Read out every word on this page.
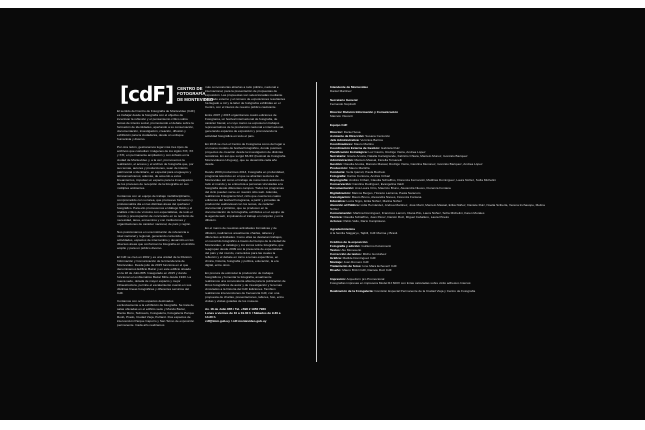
[cdF] CENTRO DE
FOTOGRAFÍA
DE MONTEVIDEO

El sentido del Centro de Fotografía de Montevideo (CdF) es trabajar desde la fotografía con el objetivo de incentivar la reflexión y el pensamiento crítico sobre temas de interés social, promoviendo el debate sobre la formación de identidades, apertando a su conservación, documentación, investigación, creación, difusión y exhibición para la ciudadanía, desde un enfoque humanista y diverso.

Por otra razón, gestionamos lugar más tres tipos de archivos que custodian: imágenes de los siglos XIX, XX y XXI, en permanente ampliación y con énfasis en la ciudad de Montevideo y, a la vez, promovemos la realización, el acceso y el archivo de fotografía que, por sus temas, autores y producciones, sean de interés patrimonial o identitario, en especial para uruguayos y latinoamericanos; además, de acuerdo a estos lineamientos, impulsar un espacio para la investigación de los procesos de recepción de la fotografía en sus múltiples ambientes.

Contamos con un equipo de trabajo multidisciplinario, comprometido con su tarea, que promueve formación y profesionaliza día en las distintas áreas del quehacer fotográfico. Para ello promovemos el diálogo fluido y el análisis crítico de vínculos con especialistas, de todo el mundo y preocupación de concretarlo en su territorio de necesidad, tarea, encuentros y con instituciones y organizaciones de carácter nacional, de país y región.

Nos posicionamos en una institución de referencia a nivel nacional y regional, generando contenidos, actividades, espacios de intercambio y desarrollo en los diversos áreas que conforman la fotografía en un ámbito amplio y para un público diverso.

El CdF se creó en 2002 y es una unidad de la División Información y Comunicación de la Intendencia de Montevideo. Desde julio de 2015 funciona en el que denominamos Edificio Bazar y en este edificio situado en la 18 de Julio 885. Inaugurado en 2015 y donde funcionan el emblemático Bazar Mitre desde 1940. La nueva sede, dotada de mayor espacio y mejor infraestructura, permite el escalamiento cuanto en sus distintas líneas fotográficas y diferentes servicios del CdF.

Contamos con ocho espacios destinados exclusivamente a la exhibición de fotografía. Se trata de salas ubicadas en el edificio sede y Mundo Bazar, Diente Moro, Subsuelo, Fotogalería, Fotogalería Parque Rodó, Prado, Ciudad Vieja, Peñarol. Dos espacios de intervención Parque Capurro y San Telmo de exposición permanente. Cada año realizamos

más convocatorias abiertas a todo público, nacional e internacional, para la presentación de propuestas de exposición. Las propuestas son seleccionadas mediante un jurado externo y el número de exposiciones resultantes ha llegado a mil y la labor de fotógrafos exhibidas en el Centro, con el interés de nuestro público cautivante.

Entre 2007 y 2015 organizamos cuatro ediciones de Fotograma, un festival internacional de fotografía, de carácter bienal, en cuyo marco se expusieron trabajos representativos de la producción nacional e internacional, generando espacios de exposición y promoviendo la actividad fotográfica en todo el país.

En 2016 se creó el Centro de Fotograma como del lugar a un nuevo modelo de festival fotográfico, donde pusimos proyectos de creación desde la investigación de distintas temáticas. En así que surgió MUFF (Festival de Fotografía Montevideano Uruguay), que se desarrolla cada año desde.

Desde 2009 producimos 2013, Fotografía en profundidad, programa televisivo en el que se abordan sectores de Montevideo así como el trabajo de numerosos autores de todo el mundo y se entrevista a personas vinculadas a la fotografía desde diferentes campos. Todos los programas del ciclo pueden verse en nuestro sitio web. Además, realizamos Fotograma brief, ciclo que cuenta los cuatro ediciones del festival Fotograma, a partir y jornadas de producción audiovisual con los temas, de carácter documental y artístico, que se producen en la documentación de la fotografía, exhibidos en el equipo de la agenda web, impulsando el trabajo en conjunto y en la difusión.

En el marco de nuestras actividades formativas y de difusión, realizamos anualmente charlas, talleres y diferentes actividades. Como ellas se destacan trabajos, un recorrido fotográfico a través del tiempo de la ciudad de Montevideo, el catálogo y los tomos sobre fotografía, que reagrupan desde 2009 con la presencia de especialistas del país y del mundo, contenidos para las cuales la reflexión y el debate en torno a temas específicos, en clínica, historia, fotografía y política, educación, la era digital, entre otros.

En procura de estimular la producción de trabajos fotográficos y fomentar la fotografía, anualmente realizamos una convocatoria abierta para la publicación de libros fotográficos de autor y de investigación y la temas vinculados a la historia del CdF Ediciones. También realizamos intervenciones de frecuencia CdF, con una propuesta de charlas, presentaciones, talleres, foto, entre visitas y visitas guiadas de los museos.

Av. 18 de Julio 885 / Tel. +598 2 1950 7960
Lunes a viernes de 10 a 19.30 h / Sábados de 9.30 a 14.30 h
cdf@imm.gub.uy / cdf.montevideo.gub.uy
Intendente de Montevideo
Daniel Martínez
Secretario General
Fernando Nopitsch
Director División Información y Comunicación
Marcelo Visconti
Equipo CdF
Director: Daniel Sosa
Asistente de Dirección: Susana Centurión
Jefe Administrativa: Verónica Barrios
Coordinadores: Mauro Martino
Coordinación Externa de Gestión: Gabriela Ruiz
Planificación Estratégica: Luz Castro, Rodrigo Vieira, Andrea López
Secretaría: Gisela Acosta, Natalia Cartelgrande, Fabricio Chiara, Marcelo Munoz, Gonzalo Bazquez
Administración: Marcelo Massal, Fiorella Torsanelli
Gestión: Claudia Acosta, Marcelo Massal, Rodrigo Vieira, Carolina Menonez, Gonzalo Bazquez, Andrea López
Producción: Mauro Martirila
Conducta: Verla Iparreli, Paola Buchelo
Fotografía: Carlos Contrera, Andrés Cribari
Reprografía: Andrés Cribari, Claudia Schiaffino, Florencia Fernanotti, Matthias Dominguez, Laura Núñez, Sofía Michelini
Conservación: Carolina Rodríguez, Evangelina Valdr
Documentación: Ana Laura Cirio, Mauricio Bruno, Alexandra Nieves, Fiorenza Fontana
Digitalización: Marcos Berges, Horacio Larrama, Paola Saracuro
Investigación: Mauro Bruno, Alexandra Nieves, Fiorenza Fontana
Educativa: Lucía Nigro, Erika Núñez, Marina Núñez
Atención al Público: Lidia Hernández, Andrea Martinez, José Martí, Marcelo Massal, Erika Núñez, Daniele Ruiz, Noelia Sciberla, Verena Inchauspe, Melina Núñez
Comunicación: Martina Dominguez, Francisco Lamón, Diana Pilo, Laura Núñez, Sofía Michelini, Karen Morales
Técnica: Claudia Schiaffino, Juan Pérez, Darwin Ruiz, Miguel Caballero, Laura Pineiro
Actores: Pablo Vallo, Darío Campisiano
Agradecimientos
A la familia Siajgaryo, Tajbill, CdF Marma y Brasil.
Créditos de la exposición
Fotografía y edición: Guillermo Kolumnenti
Textos: Ale Moneserio
Corrección de textos: Micho Gonzálvez
Gráfica: Matilde Domínguez CdF
Montaje: Juan Romero CdF
Tratamiento de fotos: Ione Mara Echeverri CdF
Diseño: Mauro Brizzi CdF, Daniele Ruiz CdF
Impresión: Arqueform pro Promocional
Fotografías impresas en impresora Model RJ 600X con tintas calculadas sobre vinilo adhesivo Intersol.
Realización de la Fotogalería: Comisión Especial Permanente de la Ciudad Vieja y Centro de Fotografía
